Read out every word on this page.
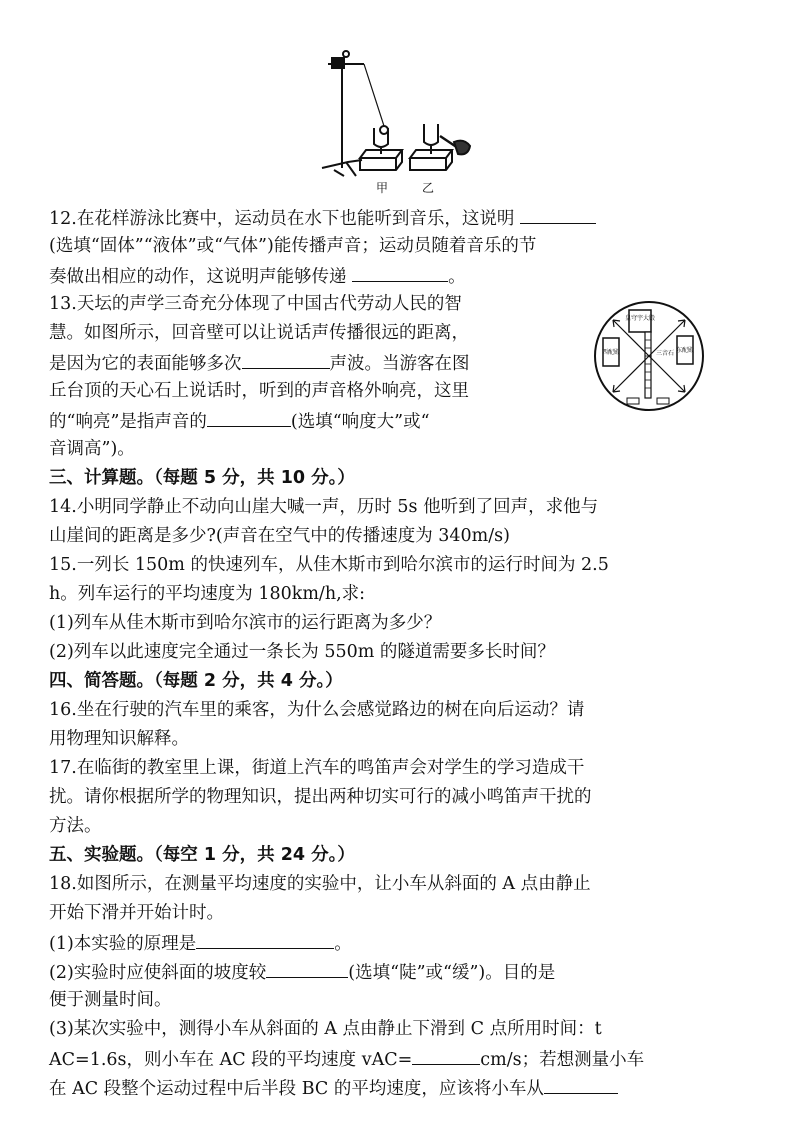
甲	乙
皇穹宇大殿
西配殿	东配殿
三音石
12.在花样游泳比赛中，运动员在水下也能听到音乐，这说明
(选填“固体”“液体”或“气体”)能传播声音；运动员随着音乐的节
奏做出相应的动作，这说明声能够传递	。
13.天坛的声学三奇充分体现了中国古代劳动人民的智
慧。如图所示，回音壁可以让说话声传播很远的距离，
是因为它的表面能够多次	声波。当游客在图
丘台顶的天心石上说话时，听到的声音格外响亮，这里
的“响亮”是指声音的	(选填“响度大”或“
音调高”)。
三、计算题。（每题 5 分，共 10 分。）
14.小明同学静止不动向山崖大喊一声，历时 5s 他听到了回声，求他与
山崖间的距离是多少?(声音在空气中的传播速度为 340m/s)
15.一列长 150m 的快速列车，从佳木斯市到哈尔滨市的运行时间为 2.5
h。列车运行的平均速度为 180km/h,求:
(1)列车从佳木斯市到哈尔滨市的运行距离为多少？
(2)列车以此速度完全通过一条长为 550m 的隧道需要多长时间？
四、简答题。（每题 2 分，共 4 分。）
16.坐在行驶的汽车里的乘客，为什么会感觉路边的树在向后运动？请
用物理知识解释。
17.在临街的教室里上课，街道上汽车的鸣笛声会对学生的学习造成干
扰。请你根据所学的物理知识，提出两种切实可行的减小鸣笛声干扰的
方法。
五、实验题。（每空 1 分，共 24 分。）
18.如图所示，在测量平均速度的实验中，让小车从斜面的 A 点由静止
开始下滑并开始计时。
(1)本实验的原理是	。
(2)实验时应使斜面的坡度较	(选填“陡”或“缓”)。目的是
便于测量时间。
(3)某次实验中，测得小车从斜面的 A 点由静止下滑到 C 点所用时间：t
AC=1.6s，则小车在 AC 段的平均速度 vAC=	cm/s；若想测量小车
在 AC 段整个运动过程中后半段 BC 的平均速度，应该将小车从
